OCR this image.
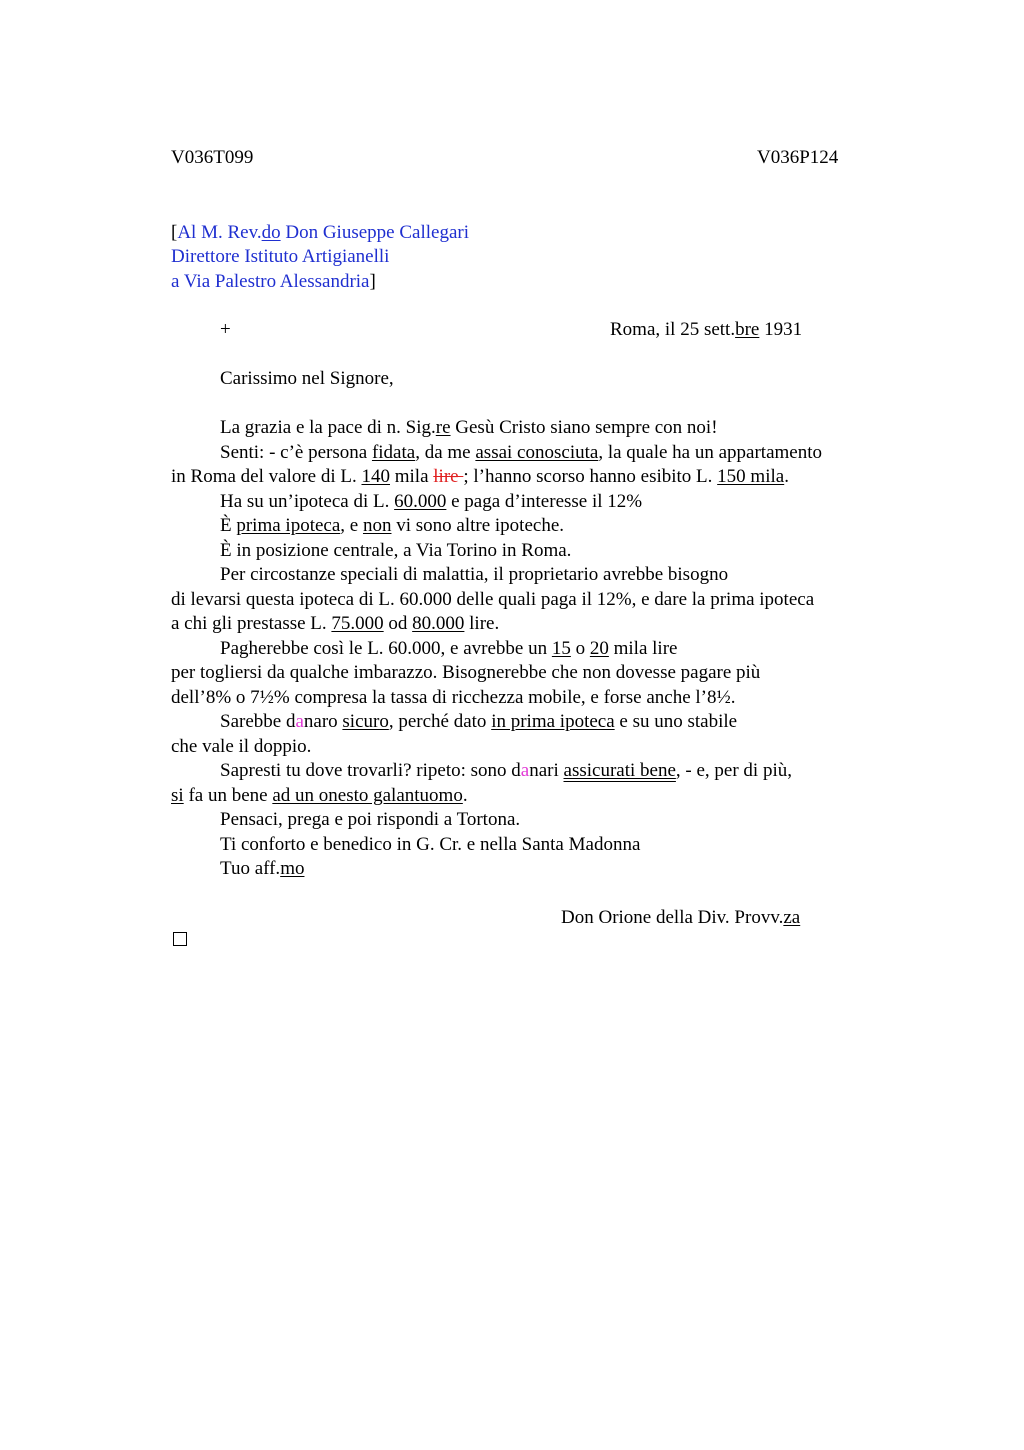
V036T099	V036P124
[Al M. Rev.do Don Giuseppe Callegari
Direttore Istituto Artigianelli
a Via Palestro Alessandria]
+	Roma, il 25 sett.bre 1931
Carissimo nel Signore,
La grazia e la pace di n. Sig.re Gesù Cristo siano sempre con noi!
Senti: - c’è persona fidata, da me assai conosciuta, la quale ha un appartamento
in Roma del valore di L. 140 mila lire ; l’hanno scorso hanno esibito L. 150 mila.
Ha su un’ipoteca di L. 60.000 e paga d’interesse il 12%
È prima ipoteca, e non vi sono altre ipoteche.
È in posizione centrale, a Via Torino in Roma.
Per circostanze speciali di malattia, il proprietario avrebbe bisogno
di levarsi questa ipoteca di L. 60.000 delle quali paga il 12%, e dare la prima ipoteca
a chi gli prestasse L. 75.000 od 80.000 lire.
Pagherebbe così le L. 60.000, e avrebbe un 15 o 20 mila lire
per togliersi da qualche imbarazzo. Bisognerebbe che non dovesse pagare più
dell’8% o 7½% compresa la tassa di ricchezza mobile, e forse anche l’8½.
Sarebbe danaro sicuro, perché dato in prima ipoteca e su uno stabile
che vale il doppio.
Sapresti tu dove trovarli? ripeto: sono danari assicurati bene, - e, per di più,
si fa un bene ad un onesto galantuomo.
Pensaci, prega e poi rispondi a Tortona.
Ti conforto e benedico in G. Cr. e nella Santa Madonna
Tuo aff.mo
Don Orione della Div. Provv.za
